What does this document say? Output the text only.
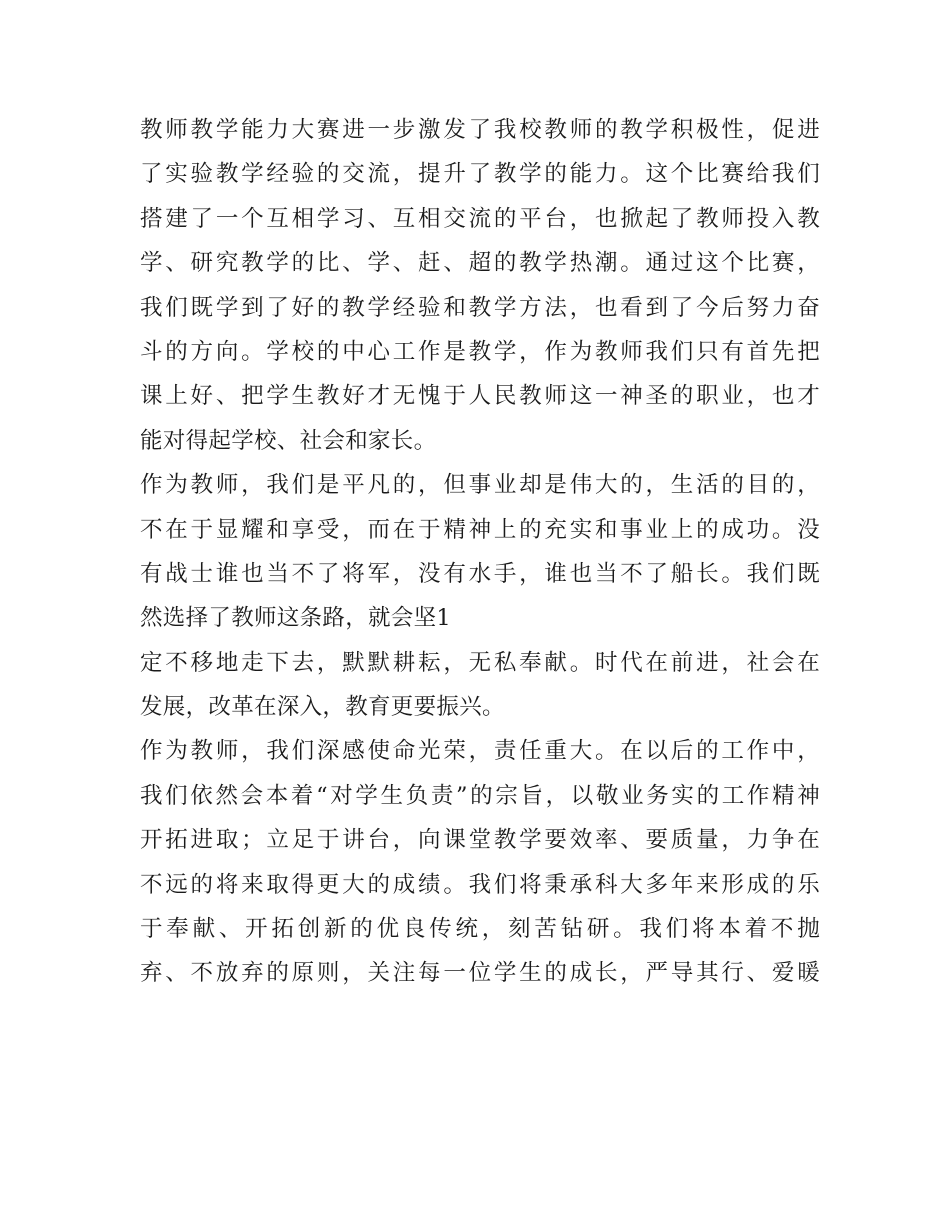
教师教学能力大赛进一步激发了我校教师的教学积极性，促进
了实验教学经验的交流，提升了教学的能力。这个比赛给我们
搭建了一个互相学习、互相交流的平台，也掀起了教师投入教
学、研究教学的比、学、赶、超的教学热潮。通过这个比赛，
我们既学到了好的教学经验和教学方法，也看到了今后努力奋
斗的方向。学校的中心工作是教学，作为教师我们只有首先把
课上好、把学生教好才无愧于人民教师这一神圣的职业，也才
能对得起学校、社会和家长。
作为教师，我们是平凡的，但事业却是伟大的，生活的目的，
不在于显耀和享受，而在于精神上的充实和事业上的成功。没
有战士谁也当不了将军，没有水手，谁也当不了船长。我们既
然选择了教师这条路，就会坚1
定不移地走下去，默默耕耘，无私奉献。时代在前进，社会在
发展，改革在深入，教育更要振兴。
作为教师，我们深感使命光荣，责任重大。在以后的工作中，
我们依然会本着“对学生负责”的宗旨，以敬业务实的工作精神
开拓进取；立足于讲台，向课堂教学要效率、要质量，力争在
不远的将来取得更大的成绩。我们将秉承科大多年来形成的乐
于奉献、开拓创新的优良传统，刻苦钻研。我们将本着不抛
弃、不放弃的原则，关注每一位学生的成长，严导其行、爱暖
